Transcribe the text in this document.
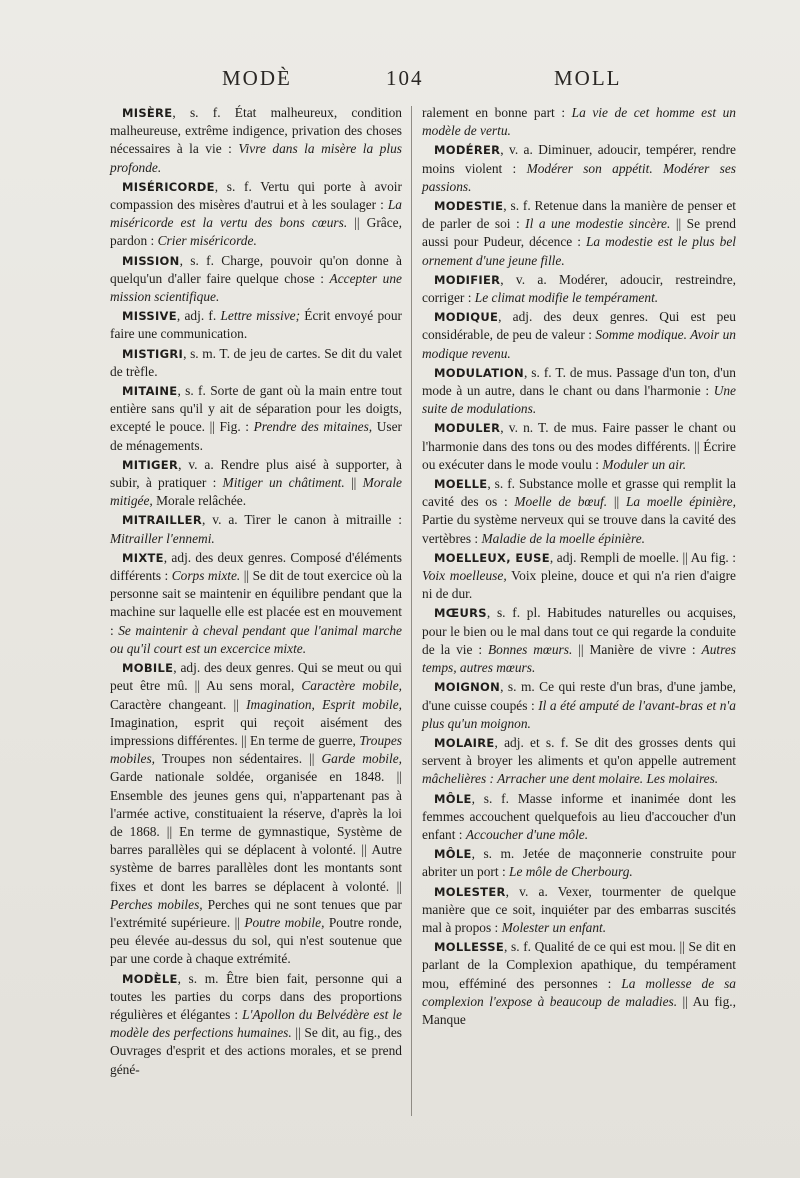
MODÈ	104	MOLL

MISÈRE, s. f. État malheureux, condition malheureuse, extrême indigence, privation des choses nécessaires à la vie : Vivre dans la misère la plus profonde.

MISÉRICORDE, s. f. Vertu qui porte à avoir compassion des misères d'autrui et à les soulager : La miséricorde est la vertu des bons cœurs. || Grâce, pardon : Crier miséricorde.

MISSION, s. f. Charge, pouvoir qu'on donne à quelqu'un d'aller faire quelque chose : Accepter une mission scientifique.

MISSIVE, adj. f. Lettre missive; Écrit envoyé pour faire une communication.

MISTIGRI, s. m. T. de jeu de cartes. Se dit du valet de trèfle.

MITAINE, s. f. Sorte de gant où la main entre tout entière sans qu'il y ait de séparation pour les doigts, excepté le pouce. || Fig. : Prendre des mitaines, User de ménagements.

MITIGER, v. a. Rendre plus aisé à supporter, à subir, à pratiquer : Mitiger un châtiment. || Morale mitigée, Morale relâchée.

MITRAILLER, v. a. Tirer le canon à mitraille : Mitrailler l'ennemi.

MIXTE, adj. des deux genres. Composé d'éléments différents : Corps mixte. || Se dit de tout exercice où la personne sait se maintenir en équilibre pendant que la machine sur laquelle elle est placée est en mouvement : Se maintenir à cheval pendant que l'animal marche ou qu'il court est un excercice mixte.

MOBILE, adj. des deux genres. Qui se meut ou qui peut être mû. || Au sens moral, Caractère mobile, Caractère changeant. || Imagination, Esprit mobile, Imagination, esprit qui reçoit aisément des impressions différentes. || En terme de guerre, Troupes mobiles, Troupes non sédentaires. || Garde mobile, Garde nationale soldée, organisée en 1848. || Ensemble des jeunes gens qui, n'appartenant pas à l'armée active, constituaient la réserve, d'après la loi de 1868. || En terme de gymnastique, Système de barres parallèles qui se déplacent à volonté. || Autre système de barres parallèles dont les montants sont fixes et dont les barres se déplacent à volonté. || Perches mobiles, Perches qui ne sont tenues que par l'extrémité supérieure. || Poutre mobile, Poutre ronde, peu élevée au-dessus du sol, qui n'est soutenue que par une corde à chaque extrémité.

MODÈLE, s. m. Être bien fait, personne qui a toutes les parties du corps dans des proportions régulières et élégantes : L'Apollon du Belvédère est le modèle des perfections humaines. || Se dit, au fig., des Ouvrages d'esprit et des actions morales, et se prend géné-

ralement en bonne part : La vie de cet homme est un modèle de vertu.

MODÉRER, v. a. Diminuer, adoucir, tempérer, rendre moins violent : Modérer son appétit. Modérer ses passions.

MODESTIE, s. f. Retenue dans la manière de penser et de parler de soi : Il a une modestie sincère. || Se prend aussi pour Pudeur, décence : La modestie est le plus bel ornement d'une jeune fille.

MODIFIER, v. a. Modérer, adoucir, restreindre, corriger : Le climat modifie le tempérament.

MODIQUE, adj. des deux genres. Qui est peu considérable, de peu de valeur : Somme modique. Avoir un modique revenu.

MODULATION, s. f. T. de mus. Passage d'un ton, d'un mode à un autre, dans le chant ou dans l'harmonie : Une suite de modulations.

MODULER, v. n. T. de mus. Faire passer le chant ou l'harmonie dans des tons ou des modes différents. || Écrire ou exécuter dans le mode voulu : Moduler un air.

MOELLE, s. f. Substance molle et grasse qui remplit la cavité des os : Moelle de bœuf. || La moelle épinière, Partie du système nerveux qui se trouve dans la cavité des vertèbres : Maladie de la moelle épinière.

MOELLEUX, EUSE, adj. Rempli de moelle. || Au fig. : Voix moelleuse, Voix pleine, douce et qui n'a rien d'aigre ni de dur.

MŒURS, s. f. pl. Habitudes naturelles ou acquises, pour le bien ou le mal dans tout ce qui regarde la conduite de la vie : Bonnes mœurs. || Manière de vivre : Autres temps, autres mœurs.

MOIGNON, s. m. Ce qui reste d'un bras, d'une jambe, d'une cuisse coupés : Il a été amputé de l'avant-bras et n'a plus qu'un moignon.

MOLAIRE, adj. et s. f. Se dit des grosses dents qui servent à broyer les aliments et qu'on appelle autrement mâchelières : Arracher une dent molaire. Les molaires.

MÔLE, s. f. Masse informe et inanimée dont les femmes accouchent quelquefois au lieu d'accoucher d'un enfant : Accoucher d'une môle.

MÔLE, s. m. Jetée de maçonnerie construite pour abriter un port : Le môle de Cherbourg.

MOLESTER, v. a. Vexer, tourmenter de quelque manière que ce soit, inquiéter par des embarras suscités mal à propos : Molester un enfant.

MOLLESSE, s. f. Qualité de ce qui est mou. || Se dit en parlant de la Complexion apathique, du tempérament mou, efféminé des personnes : La mollesse de sa complexion l'expose à beaucoup de maladies. || Au fig., Manque
